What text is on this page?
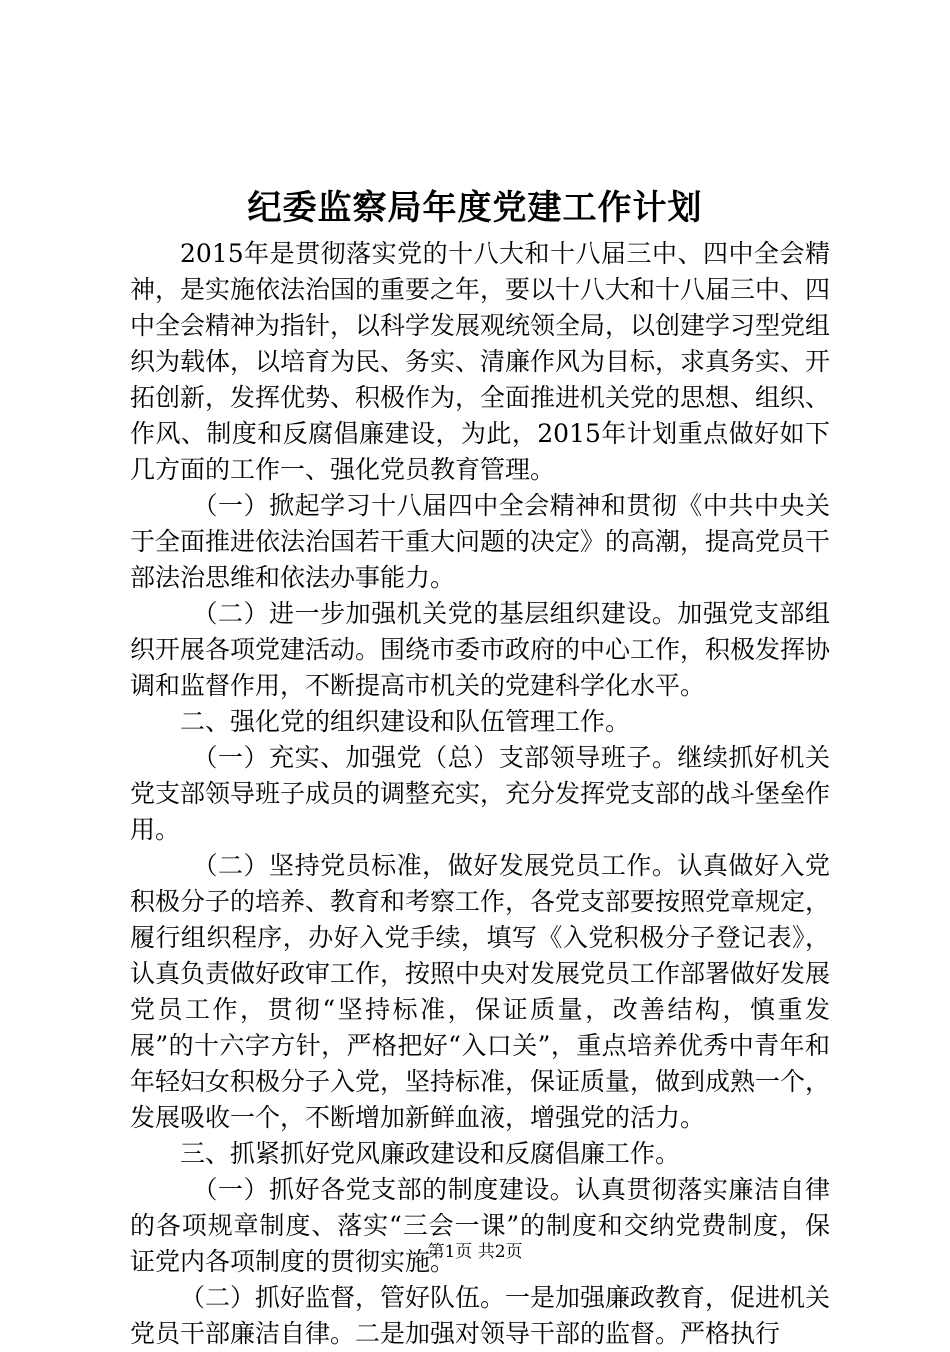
纪委监察局年度党建工作计划

2015年是贯彻落实党的十八大和十八届三中、四中全会精神，是实施依法治国的重要之年，要以十八大和十八届三中、四中全会精神为指针，以科学发展观统领全局，以创建学习型党组织为载体，以培育为民、务实、清廉作风为目标，求真务实、开拓创新，发挥优势、积极作为，全面推进机关党的思想、组织、作风、制度和反腐倡廉建设，为此，2015年计划重点做好如下几方面的工作一、强化党员教育管理。

（一）掀起学习十八届四中全会精神和贯彻《中共中央关于全面推进依法治国若干重大问题的决定》的高潮，提高党员干部法治思维和依法办事能力。

（二）进一步加强机关党的基层组织建设。加强党支部组织开展各项党建活动。围绕市委市政府的中心工作，积极发挥协调和监督作用，不断提高市机关的党建科学化水平。

二、强化党的组织建设和队伍管理工作。

（一）充实、加强党（总）支部领导班子。继续抓好机关党支部领导班子成员的调整充实，充分发挥党支部的战斗堡垒作用。

（二）坚持党员标准，做好发展党员工作。认真做好入党积极分子的培养、教育和考察工作，各党支部要按照党章规定，履行组织程序，办好入党手续，填写《入党积极分子登记表》，认真负责做好政审工作，按照中央对发展党员工作部署做好发展党员工作，贯彻“坚持标准，保证质量，改善结构，慎重发展”的十六字方针，严格把好“入口关”，重点培养优秀中青年和年轻妇女积极分子入党，坚持标准，保证质量，做到成熟一个，发展吸收一个，不断增加新鲜血液，增强党的活力。

三、抓紧抓好党风廉政建设和反腐倡廉工作。

（一）抓好各党支部的制度建设。认真贯彻落实廉洁自律的各项规章制度、落实“三会一课”的制度和交纳党费制度，保证党内各项制度的贯彻实施。

（二）抓好监督，管好队伍。一是加强廉政教育，促进机关党员干部廉洁自律。二是加强对领导干部的监督。严格执行

第1页 共2页
